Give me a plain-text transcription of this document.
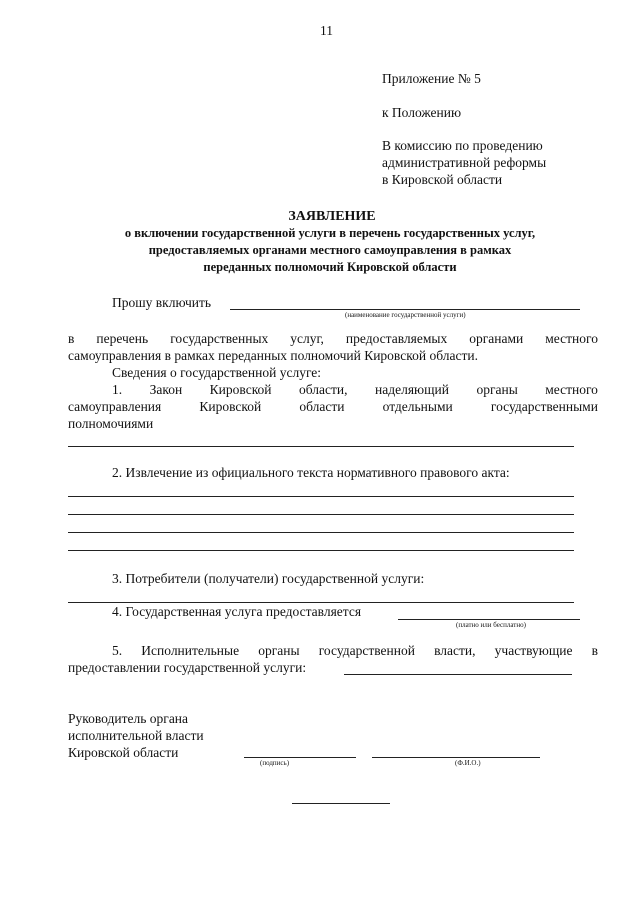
11
Приложение № 5
к Положению
В комиссию по проведению
административной реформы
в Кировской области
ЗАЯВЛЕНИЕ
о включении государственной услуги в перечень государственных услуг,
предоставляемых органами местного самоуправления в рамках
переданных полномочий Кировской области
Прошу включить
(наименование государственной услуги)
в перечень государственных услуг, предоставляемых органами местного
самоуправления в рамках переданных полномочий Кировской области.
Сведения о государственной услуге:
1. Закон Кировской области, наделяющий органы местного
самоуправления	Кировской	области	отдельными	государственными
полномочиями
2. Извлечение из официального текста нормативного правового акта:
3. Потребители (получатели) государственной услуги:
4. Государственная услуга предоставляется
(платно или бесплатно)
5. Исполнительные органы государственной власти, участвующие в
предоставлении государственной услуги:
Руководитель органа
исполнительной власти
Кировской области
(подпись)	(Ф.И.О.)
